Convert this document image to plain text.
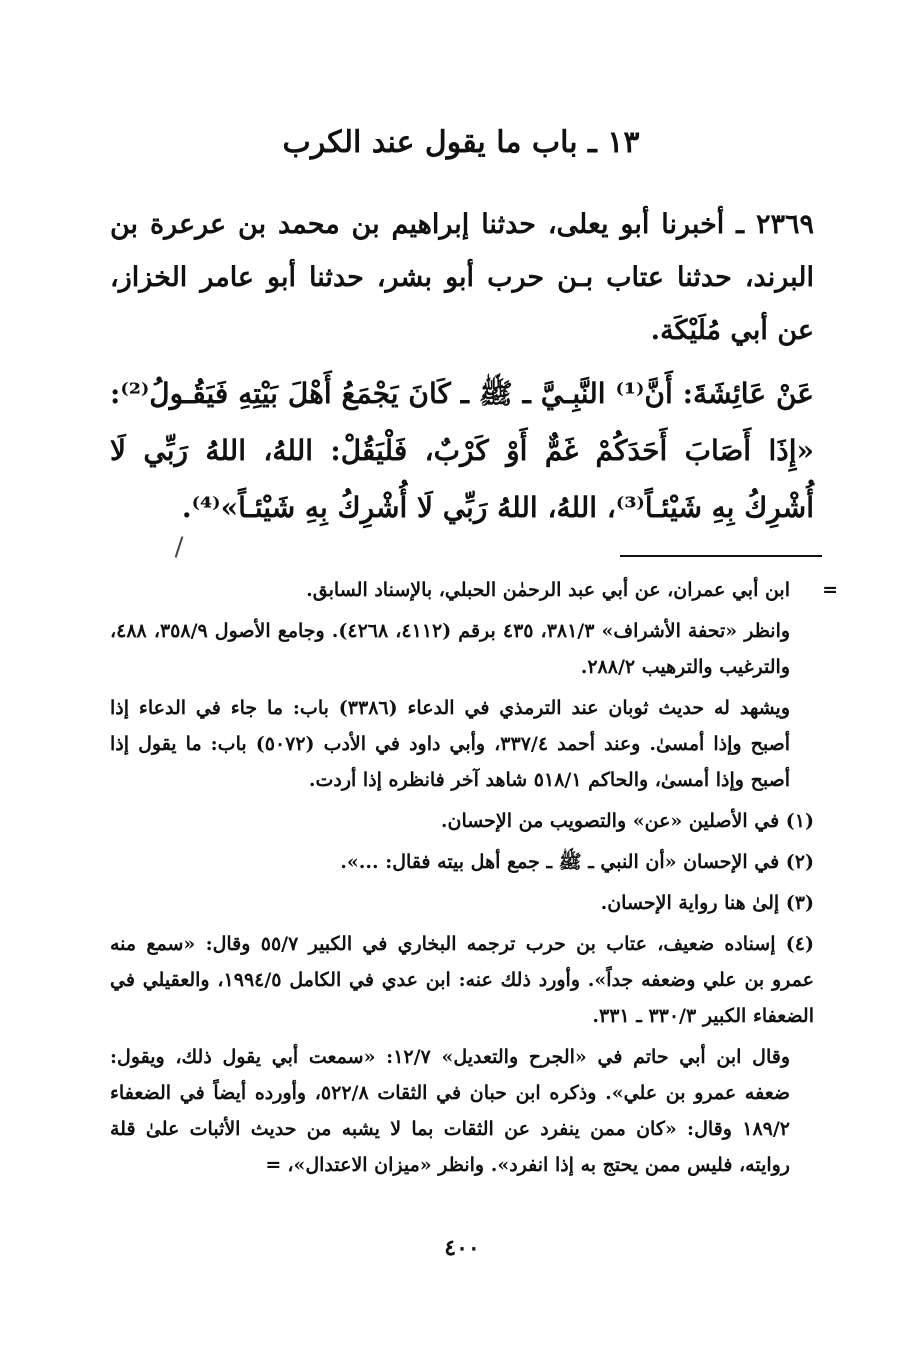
١٣ ـ باب ما يقول عند الكرب
٢٣٦٩ ـ أخبرنا أبو يعلى، حدثنا إبراهيم بن محمد بن عرعرة بن البرند، حدثنا عتاب بـن حرب أبو بشر، حدثنا أبو عامر الخزاز، عن أبي مُلَيْكَة.
عَنْ عَائِشَةَ: أَنَّ⁽¹⁾ النَّبِـيَّ ـ ﷺ ـ كَانَ يَجْمَعُ أَهْلَ بَيْتِهِ فَيَقُـولُ⁽²⁾: «إِذَا أَصَابَ أَحَدَكُمْ غَمٌّ أَوْ كَرْبٌ، فَلْيَقُلْ: اللهُ، اللهُ رَبِّي لَا أُشْرِكُ بِهِ شَيْئـاً⁽³⁾، اللهُ، اللهُ رَبِّي لَا أُشْرِكُ بِهِ شَيْئـاً»⁽⁴⁾.

=
ابن أبي عمران، عن أبي عبد الرحمٰن الحبلي، بالإسناد السابق.

وانظر «تحفة الأشراف» ٣٨١/٣، ٤٣٥ برقم (٤١١٢، ٤٢٦٨). وجامع الأصول ٣٥٨/٩، ٤٨٨، والترغيب والترهيب ٢٨٨/٢.

ويشهد له حديث ثوبان عند الترمذي في الدعاء (٣٣٨٦) باب: ما جاء في الدعاء إذا أصبح وإذا أمسىٰ. وعند أحمد ٣٣٧/٤، وأبي داود في الأدب (٥٠٧٢) باب: ما يقول إذا أصبح وإذا أمسىٰ، والحاكم ٥١٨/١ شاهد آخر فانظره إذا أردت.

(١) في الأصلين «عن» والتصويب من الإحسان.

(٢) في الإحسان «أن النبي ـ ﷺ ـ جمع أهل بيته فقال: ...».

(٣) إلىٰ هنا رواية الإحسان.

(٤) إسناده ضعيف، عتاب بن حرب ترجمه البخاري في الكبير ٥٥/٧ وقال: «سمع منه عمرو بن علي وضعفه جداً». وأورد ذلك عنه: ابن عدي في الكامل ١٩٩٤/٥، والعقيلي في الضعفاء الكبير ٣٣٠/٣ ـ ٣٣١.

وقال ابن أبي حاتم في «الجرح والتعديل» ١٢/٧: «سمعت أبي يقول ذلك، ويقول: ضعفه عمرو بن علي». وذكره ابن حبان في الثقات ٥٢٢/٨، وأورده أيضاً في الضعفاء ١٨٩/٢ وقال: «كان ممن ينفرد عن الثقات بما لا يشبه من حديث الأثبات علىٰ قلة روايته، فليس ممن يحتج به إذا انفرد». وانظر «ميزان الاعتدال»،=

٤٠٠
